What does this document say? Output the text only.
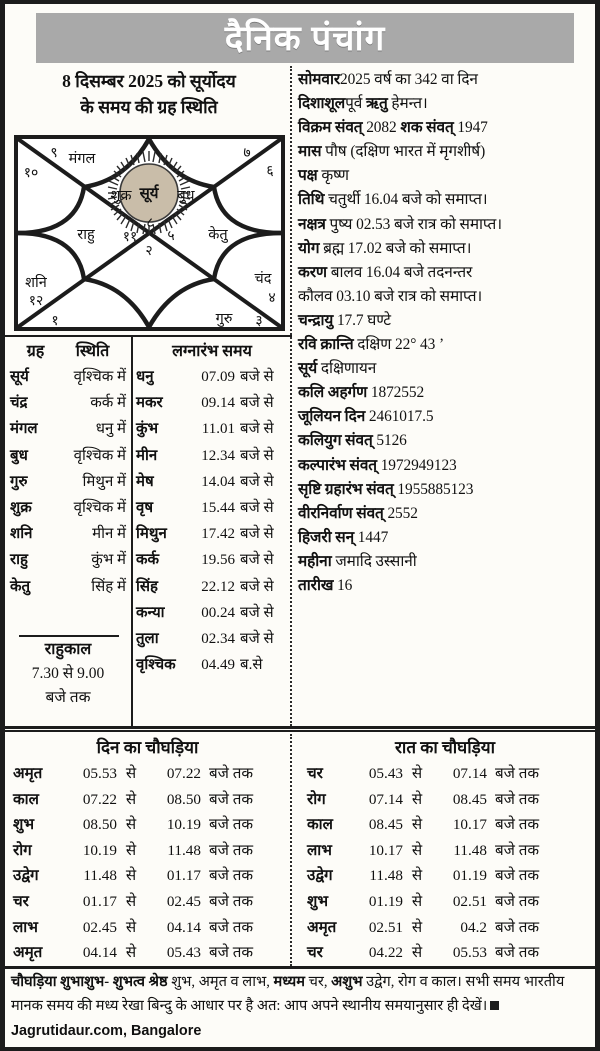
दैनिक पंचांग
8 दिसम्बर 2025 को सूर्योदय
के समय की ग्रह स्थिति
सूर्य
मंगल
शुक्र	बुध
राहु	केतु
शनि	चंद
गुरु
१
२
३
४
५
६
७
८
९
१०
११
१२
सोमवार2025 वर्ष का 342 वा दिन
दिशाशूलपूर्व ऋतु हेमन्त।
विक्रम संवत् 2082 शक संवत् 1947
मास पौष (दक्षिण भारत में मृगशीर्ष)
पक्ष कृष्ण
तिथि चतुर्थी 16.04 बजे को समाप्त।
नक्षत्र पुष्य 02.53 बजे रात्र को समाप्त।
योग ब्रह्म 17.02 बजे को समाप्त।
करण बालव 16.04 बजे तदनन्तर
कौलव 03.10 बजे रात्र को समाप्त।
चन्द्रायु 17.7 घण्टे
रवि क्रान्ति दक्षिण 22° 43 ’
सूर्य दक्षिणायन
कलि अहर्गण 1872552
जूलियन दिन 2461017.5
कलियुग संवत् 5126
कल्पारंभ संवत् 1972949123
सृष्टि ग्रहारंभ संवत् 1955885123
वीरनिर्वाण संवत् 2552
हिजरी सन् 1447
महीना जमादि उस्सानी
तारीख 16
ग्रह स्थिति
सूर्य	वृश्चिक में
चंद्र	कर्क में
मंगल	धनु में
बुध	वृश्चिक में
गुरु	मिथुन में
शुक्र	वृश्चिक में
शनि	मीन में
राहु	कुंभ में
केतु	सिंह में
राहुकाल
7.30 से 9.00
बजे तक
लग्नारंभ समय
धनु	07.09 बजे से
मकर	09.14 बजे से
कुंभ	11.01 बजे से
मीन	12.34 बजे से
मेष	14.04 बजे से
वृष	15.44 बजे से
मिथुन	17.42 बजे से
कर्क	19.56 बजे से
सिंह	22.12 बजे से
कन्या	00.24 बजे से
तुला	02.34 बजे से
वृश्चिक	04.49 ब.से
दिन का चौघड़िया	रात का चौघड़िया
अमृत	05.53 से	07.22 बजे तक
काल	07.22 से	08.50 बजे तक
शुभ	08.50 से	10.19 बजे तक
रोग	10.19 से	11.48 बजे तक
उद्वेग	11.48 से	01.17 बजे तक
चर	01.17 से	02.45 बजे तक
लाभ	02.45 से	04.14 बजे तक
अमृत	04.14 से	05.43 बजे तक
चर	05.43 से	07.14 बजे तक
रोग	07.14 से	08.45 बजे तक
काल	08.45 से	10.17 बजे तक
लाभ	10.17 से	11.48 बजे तक
उद्वेग	11.48 से	01.19 बजे तक
शुभ	01.19 से	02.51 बजे तक
अमृत	02.51 से	04.2 बजे तक
चर	04.22 से	05.53 बजे तक
चौघड़िया शुभाशुभ- शुभत्व श्रेष्ठ शुभ, अमृत व लाभ, मध्यम चर, अशुभ उद्वेग, रोग व काल। सभी समय भारतीय मानक समय की मध्य रेखा बिन्दु के आधार पर है अत: आप अपने स्थानीय समयानुसार ही देखें।Jagrutidaur.com, Bangalore
